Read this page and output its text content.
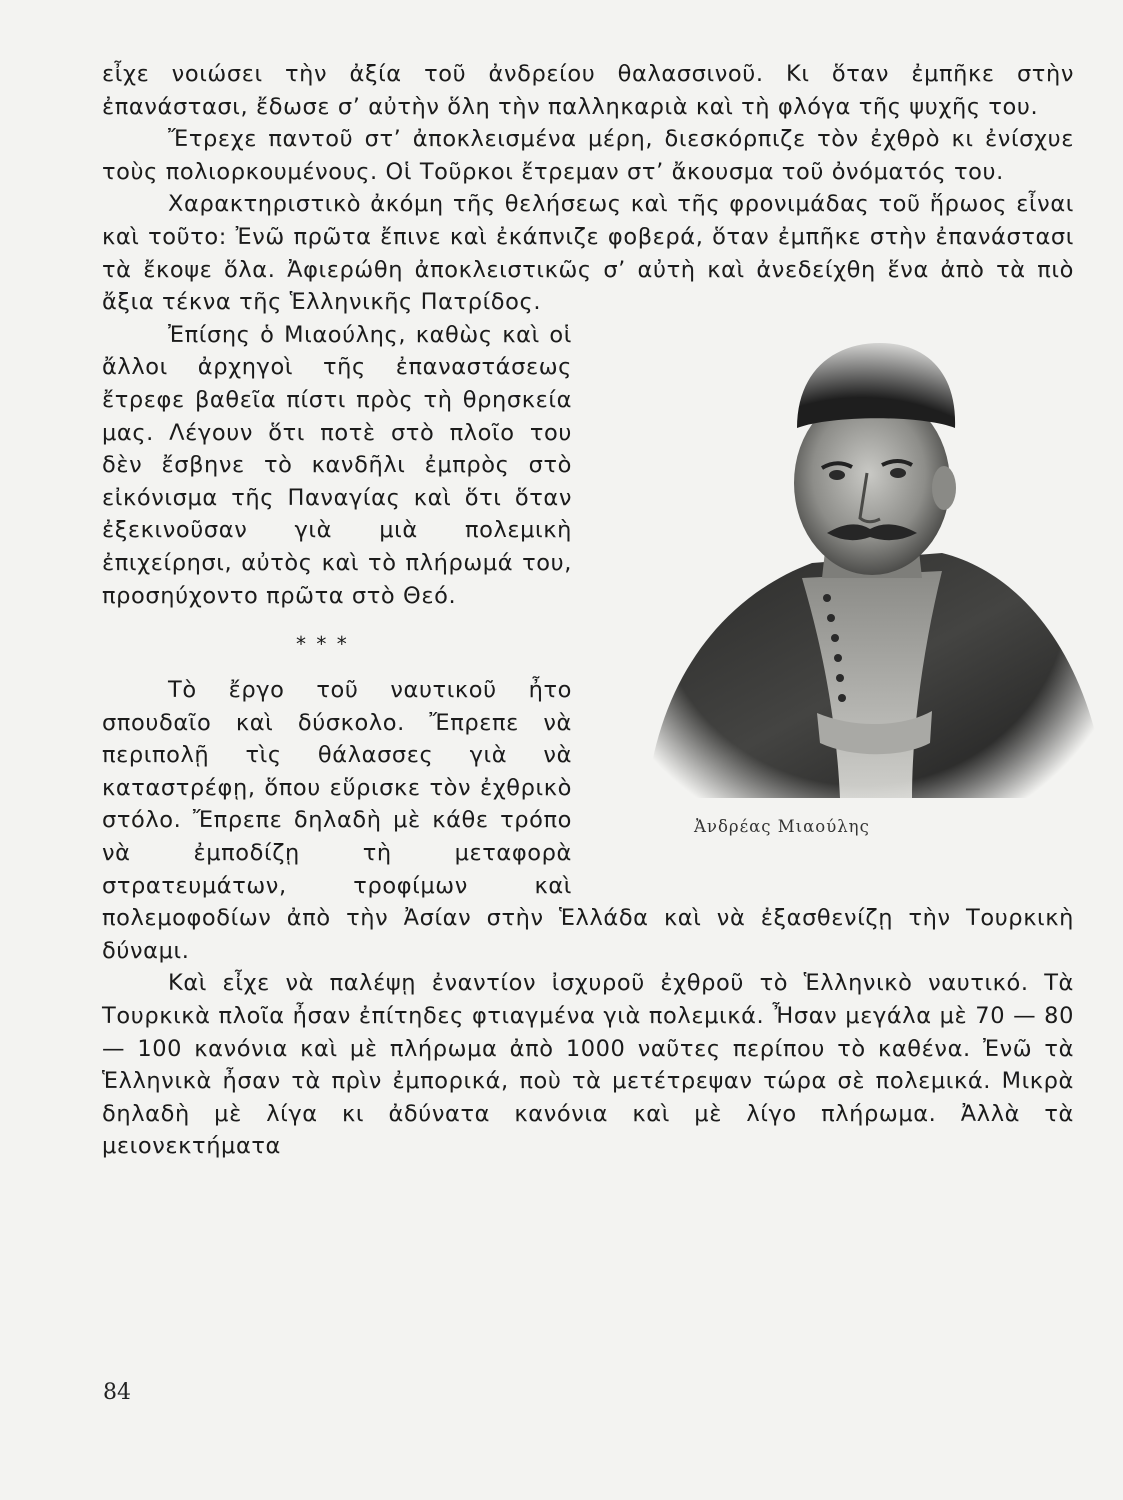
εἶχε νοιώσει τὴν ἀξία τοῦ ἀνδρείου θαλασσινοῦ. Κι ὅταν ἐμπῆκε στὴν ἐπανάστασι, ἔδωσε σ’ αὐτὴν ὅλη τὴν παλληκαριὰ καὶ τὴ φλόγα τῆς ψυχῆς του.

Ἔτρεχε παντοῦ στ’ ἀποκλεισμένα μέρη, διεσκόρπιζε τὸν ἐχθρὸ κι ἐνίσχυε τοὺς πολιορκουμένους. Οἱ Τοῦρκοι ἔτρεμαν στ’ ἄκουσμα τοῦ ὀνόματός του.

Χαρακτηριστικὸ ἀκόμη τῆς θελήσεως καὶ τῆς φρονιμάδας τοῦ ἥρωος εἶναι καὶ τοῦτο: Ἐνῶ πρῶτα ἔπινε καὶ ἐκάπνιζε φοβερά, ὅταν ἐμπῆκε στὴν ἐπανάστασι τὰ ἔκοψε ὅλα. Ἀφιερώθη ἀποκλειστικῶς σ’ αὐτὴ καὶ ἀνεδείχθη ἕνα ἀπὸ τὰ πιὸ ἄξια τέκνα τῆς Ἑλληνικῆς Πατρίδος.

Ἀνδρέας Μιαούλης

Ἐπίσης ὁ Μιαούλης, καθὼς καὶ οἱ ἄλλοι ἀρχηγοὶ τῆς ἐπαναστάσεως ἔτρεφε βαθεῖα πίστι πρὸς τὴ θρησκεία μας. Λέγουν ὅτι ποτὲ στὸ πλοῖο του δὲν ἔσβηνε τὸ κανδῆλι ἐμπρὸς στὸ εἰκόνισμα τῆς Παναγίας καὶ ὅτι ὅταν ἐξεκινοῦσαν γιὰ μιὰ πολεμικὴ ἐπιχείρησι, αὐτὸς καὶ τὸ πλήρωμά του, προσηύχοντο πρῶτα στὸ Θεό.

* * *

Τὸ ἔργο τοῦ ναυτικοῦ ἦτο σπουδαῖο καὶ δύσκολο. Ἔπρεπε νὰ περιπολῇ τὶς θάλασσες γιὰ νὰ καταστρέφῃ, ὅπου εὕρισκε τὸν ἐχθρικὸ στόλο. Ἔπρεπε δηλαδὴ μὲ κάθε τρόπο νὰ ἐμποδίζῃ τὴ μεταφορὰ στρατευμάτων, τροφίμων καὶ πολεμοφοδίων ἀπὸ τὴν Ἀσίαν στὴν Ἑλλάδα καὶ νὰ ἐξασθενίζῃ τὴν Τουρκικὴ δύναμι.

Καὶ εἶχε νὰ παλέψῃ ἐναντίον ἰσχυροῦ ἐχθροῦ τὸ Ἑλληνικὸ ναυτικό. Τὰ Τουρκικὰ πλοῖα ἦσαν ἐπίτηδες φτιαγμένα γιὰ πολεμικά. Ἦσαν μεγάλα μὲ 70 — 80 — 100 κανόνια καὶ μὲ πλήρωμα ἀπὸ 1000 ναῦτες περίπου τὸ καθένα. Ἐνῶ τὰ Ἑλληνικὰ ἦσαν τὰ πρὶν ἐμπορικά, ποὺ τὰ μετέτρεψαν τώρα σὲ πολεμικά. Μικρὰ δηλαδὴ μὲ λίγα κι ἀδύνατα κανόνια καὶ μὲ λίγο πλήρωμα. Ἀλλὰ τὰ μειονεκτήματα

84
